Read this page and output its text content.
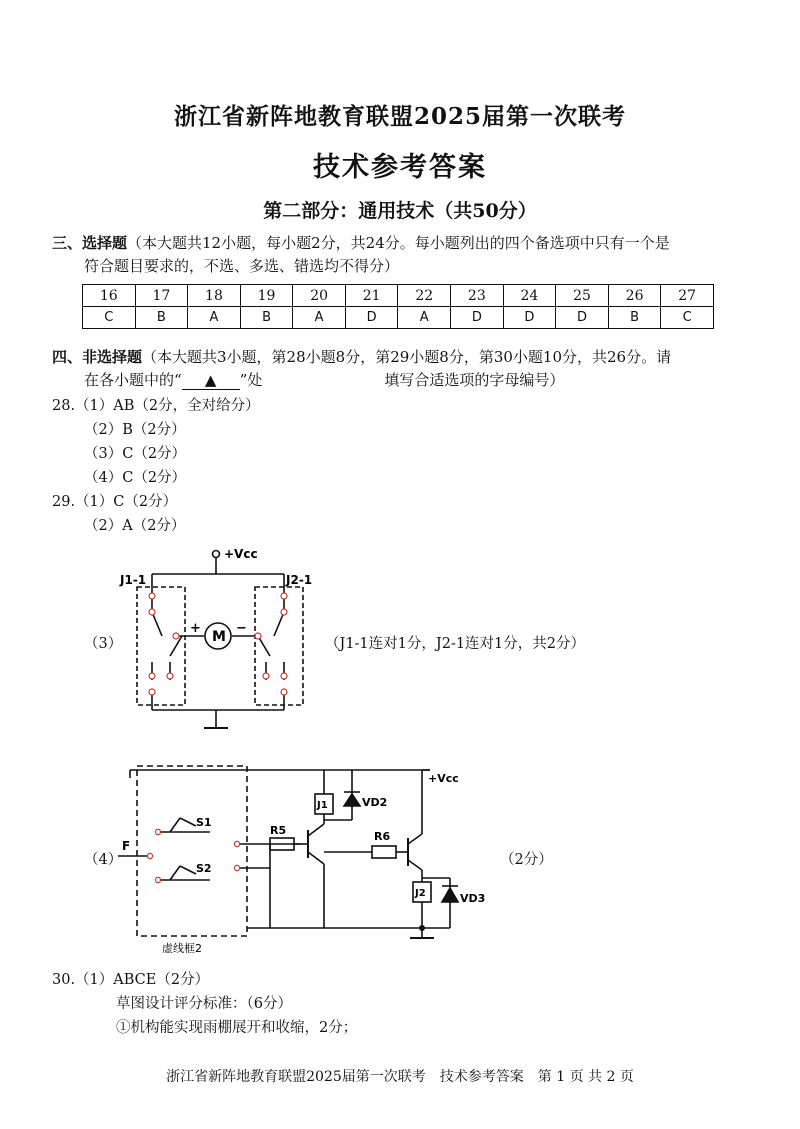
浙江省新阵地教育联盟2025届第一次联考
技术参考答案
第二部分：通用技术（共50分）
三、选择题（本大题共12小题，每小题2分，共24分。每小题列出的四个备选项中只有一个是
符合题目要求的，不选、多选、错选均不得分）
16	17	18	19	20	21	22	23	24	25	26	27
C	B	A	B	A	D	A	D	D	D	B	C
四、非选择题（本大题共3小题，第28小题8分，第29小题8分，第30小题10分，共26分。请
在各小题中的“ ▲ ”处	填写合适选项的字母编号）
28.（1）AB（2分，全对给分）
（2）B（2分）
（3）C（2分）
（4）C（2分）
29.（1）C（2分）
（2）A（2分）
（3）	（J1-1连对1分，J2-1连对1分，共2分）
+Vcc
J1-1	J2-1
M
+	−
（4）	（2分）
+Vcc
F
S1
S2
R5	R6
J1
J2
VD2
VD3
虚线框2
30.（1）ABCE（2分）
草图设计评分标准：（6分）
①机构能实现雨棚展开和收缩，2分；
浙江省新阵地教育联盟2025届第一次联考　技术参考答案　第 1 页 共 2 页
